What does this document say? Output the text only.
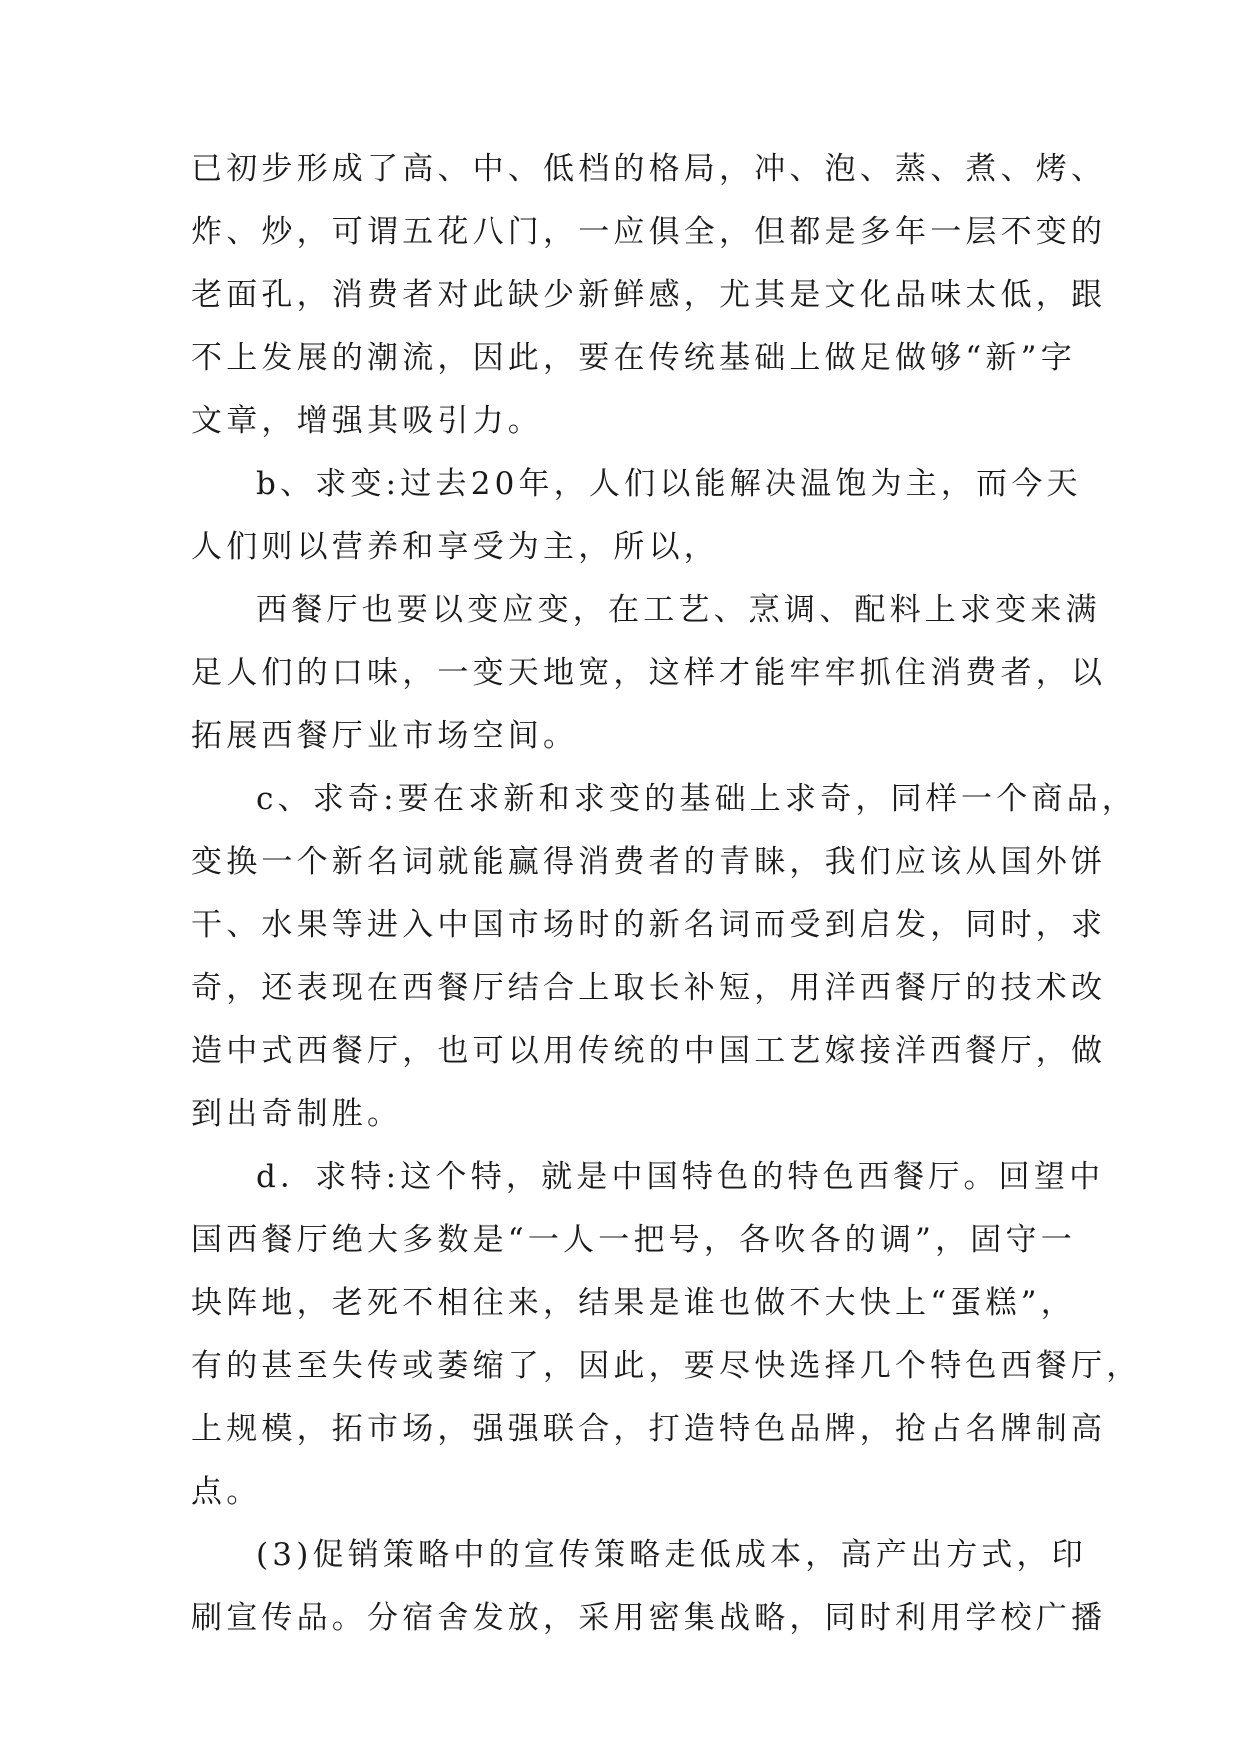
已初步形成了高、中、低档的格局，冲、泡、蒸、煮、烤、
炸、炒，可谓五花八门，一应俱全，但都是多年一层不变的
老面孔，消费者对此缺少新鲜感，尤其是文化品味太低，跟
不上发展的潮流，因此，要在传统基础上做足做够“新”字
文章，增强其吸引力。
b、求变:过去20年，人们以能解决温饱为主，而今天
人们则以营养和享受为主，所以，
西餐厅也要以变应变，在工艺、烹调、配料上求变来满
足人们的口味，一变天地宽，这样才能牢牢抓住消费者，以
拓展西餐厅业市场空间。
c、求奇:要在求新和求变的基础上求奇，同样一个商品，
变换一个新名词就能赢得消费者的青睐，我们应该从国外饼
干、水果等进入中国市场时的新名词而受到启发，同时，求
奇，还表现在西餐厅结合上取长补短，用洋西餐厅的技术改
造中式西餐厅，也可以用传统的中国工艺嫁接洋西餐厅，做
到出奇制胜。
d．求特:这个特，就是中国特色的特色西餐厅。回望中
国西餐厅绝大多数是“一人一把号，各吹各的调”，固守一
块阵地，老死不相往来，结果是谁也做不大快上“蛋糕”，
有的甚至失传或萎缩了，因此，要尽快选择几个特色西餐厅，
上规模，拓市场，强强联合，打造特色品牌，抢占名牌制高
点。
(3)促销策略中的宣传策略走低成本，高产出方式，印
刷宣传品。分宿舍发放，采用密集战略，同时利用学校广播
